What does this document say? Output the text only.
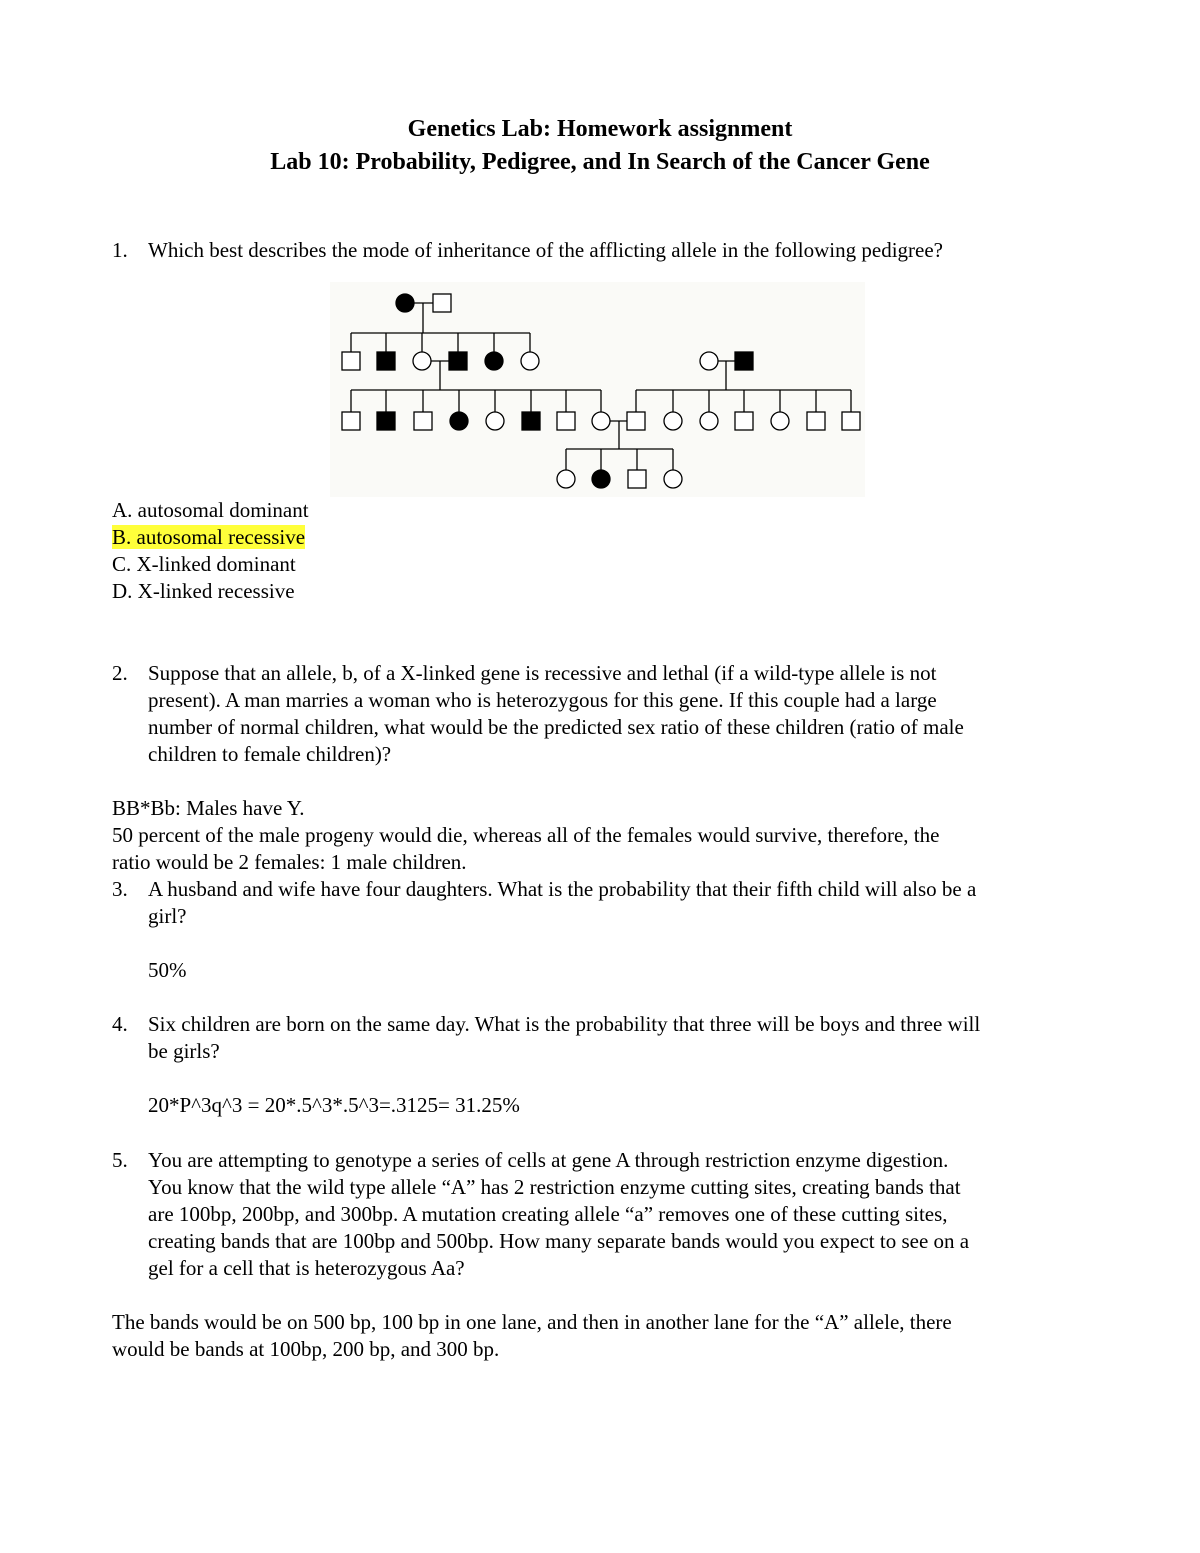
Genetics Lab: Homework assignment
Lab 10: Probability, Pedigree, and In Search of the Cancer Gene
1. Which best describes the mode of inheritance of the afflicting allele in the following pedigree?
A. autosomal dominant
B. autosomal recessive
C. X-linked dominant
D. X-linked recessive
2. Suppose that an allele, b, of a X-linked gene is recessive and lethal (if a wild-type allele is not
present). A man marries a woman who is heterozygous for this gene. If this couple had a large
number of normal children, what would be the predicted sex ratio of these children (ratio of male
children to female children)?
BB*Bb: Males have Y.
50 percent of the male progeny would die, whereas all of the females would survive, therefore, the
ratio would be 2 females: 1 male children.
3. A husband and wife have four daughters. What is the probability that their fifth child will also be a
girl?
50%
4. Six children are born on the same day. What is the probability that three will be boys and three will
be girls?
20*P^3q^3 = 20*.5^3*.5^3=.3125= 31.25%
5. You are attempting to genotype a series of cells at gene A through restriction enzyme digestion.
You know that the wild type allele “A” has 2 restriction enzyme cutting sites, creating bands that
are 100bp, 200bp, and 300bp. A mutation creating allele “a” removes one of these cutting sites,
creating bands that are 100bp and 500bp. How many separate bands would you expect to see on a
gel for a cell that is heterozygous Aa?
The bands would be on 500 bp, 100 bp in one lane, and then in another lane for the “A” allele, there
would be bands at 100bp, 200 bp, and 300 bp.
